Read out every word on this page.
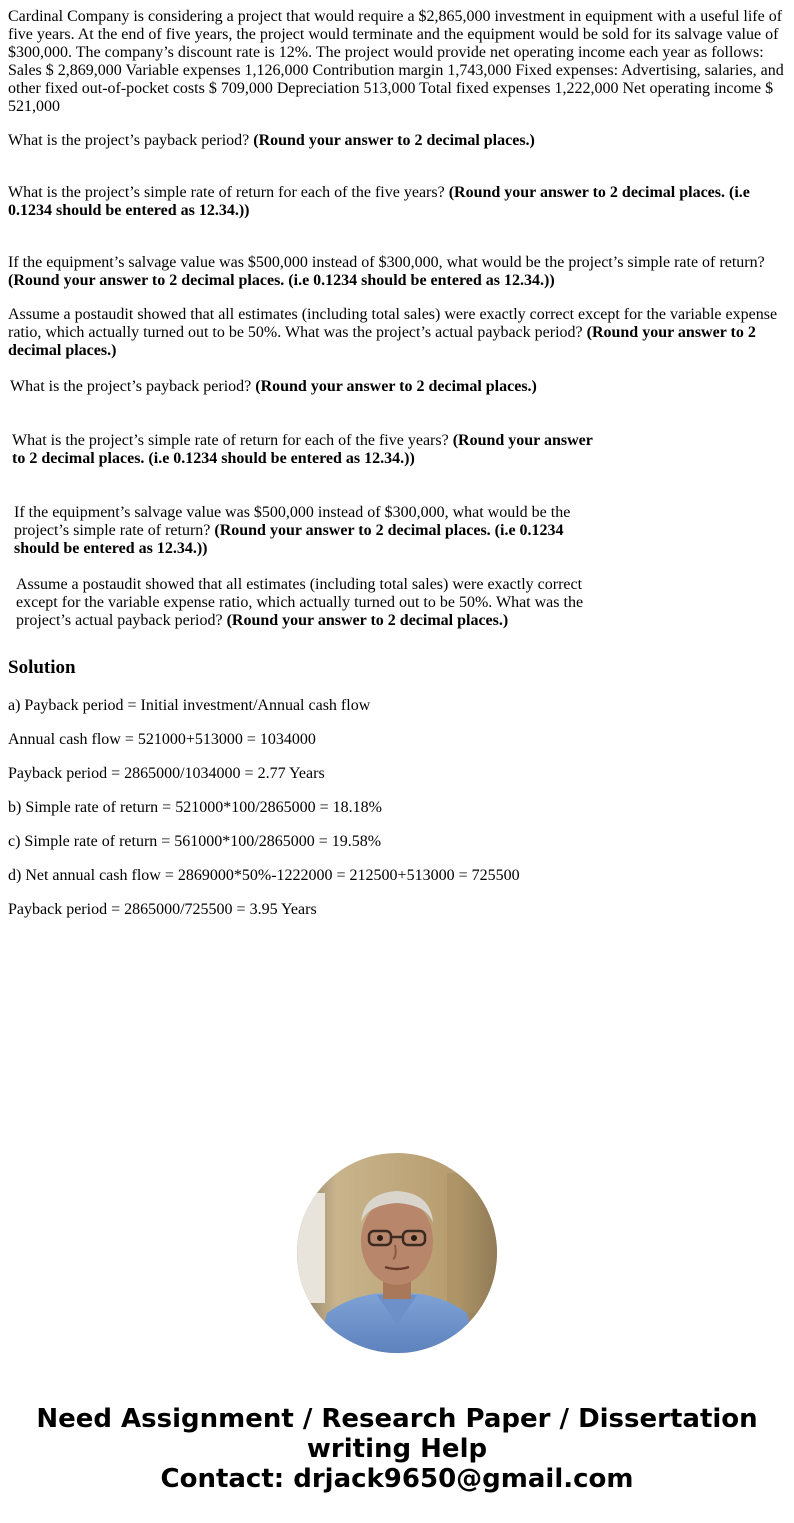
Cardinal Company is considering a project that would require a $2,865,000 investment in equipment with a useful life of five years. At the end of five years, the project would terminate and the equipment would be sold for its salvage value of $300,000. The company’s discount rate is 12%. The project would provide net operating income each year as follows: Sales $ 2,869,000 Variable expenses 1,126,000 Contribution margin 1,743,000 Fixed expenses: Advertising, salaries, and other fixed out-of-pocket costs $ 709,000 Depreciation 513,000 Total fixed expenses 1,222,000 Net operating income $ 521,000

What is the project’s payback period? (Round your answer to 2 decimal places.)

What is the project’s simple rate of return for each of the five years? (Round your answer to 2 decimal places. (i.e 0.1234 should be entered as 12.34.))

If the equipment’s salvage value was $500,000 instead of $300,000, what would be the project’s simple rate of return? (Round your answer to 2 decimal places. (i.e 0.1234 should be entered as 12.34.))

Assume a postaudit showed that all estimates (including total sales) were exactly correct except for the variable expense ratio, which actually turned out to be 50%. What was the project’s actual payback period? (Round your answer to 2 decimal places.)

What is the project’s payback period? (Round your answer to 2 decimal places.)

What is the project’s simple rate of return for each of the five years? (Round your answer to 2 decimal places. (i.e 0.1234 should be entered as 12.34.))

If the equipment’s salvage value was $500,000 instead of $300,000, what would be the project’s simple rate of return? (Round your answer to 2 decimal places. (i.e 0.1234 should be entered as 12.34.))

Assume a postaudit showed that all estimates (including total sales) were exactly correct except for the variable expense ratio, which actually turned out to be 50%. What was the project’s actual payback period? (Round your answer to 2 decimal places.)

Solution

a) Payback period = Initial investment/Annual cash flow

Annual cash flow = 521000+513000 = 1034000

Payback period = 2865000/1034000 = 2.77 Years

b) Simple rate of return = 521000*100/2865000 = 18.18%

c) Simple rate of return = 561000*100/2865000 = 19.58%

d) Net annual cash flow = 2869000*50%-1222000 = 212500+513000 = 725500

Payback period = 2865000/725500 = 3.95 Years

Need Assignment / Research Paper / Dissertation
writing Help
Contact: drjack9650@gmail.com
